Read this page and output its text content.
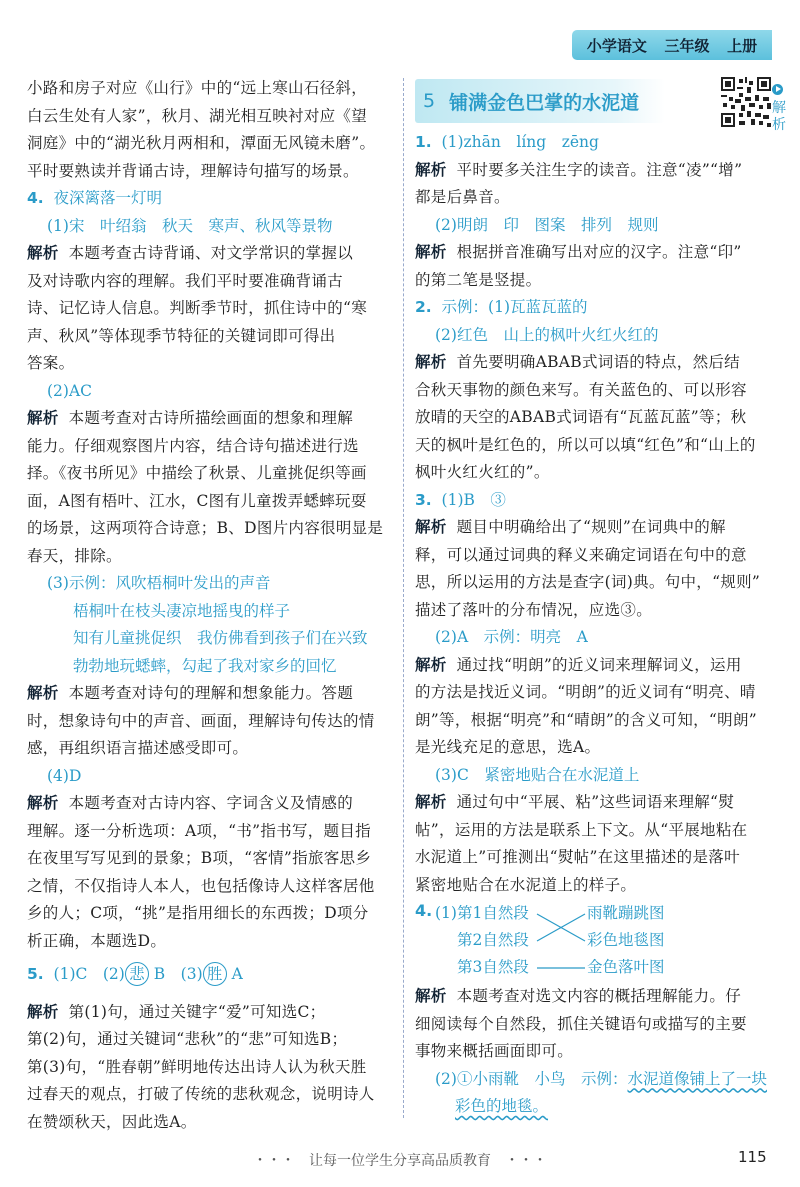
小学语文 三年级 上册
小路和房子对应《山行》中的“远上寒山石径斜，
白云生处有人家”，秋月、湖光相互映衬对应《望
洞庭》中的“湖光秋月两相和，潭面无风镜未磨”。
平时要熟读并背诵古诗，理解诗句描写的场景。
4. 夜深篱落一灯明
(1)宋　叶绍翁　秋天　寒声、秋风等景物
解析 本题考查古诗背诵、对文学常识的掌握以
及对诗歌内容的理解。我们平时要准确背诵古
诗、记忆诗人信息。判断季节时，抓住诗中的“寒
声、秋风”等体现季节特征的关键词即可得出
答案。
(2)AC
解析 本题考查对古诗所描绘画面的想象和理解
能力。仔细观察图片内容，结合诗句描述进行选
择。《夜书所见》中描绘了秋景、儿童挑促织等画
面，A图有梧叶、江水，C图有儿童拨弄蟋蟀玩耍
的场景，这两项符合诗意；B、D图片内容很明显是
春天，排除。
(3)示例：风吹梧桐叶发出的声音
梧桐叶在枝头凄凉地摇曳的样子
知有儿童挑促织　我仿佛看到孩子们在兴致
勃勃地玩蟋蟀，勾起了我对家乡的回忆
解析 本题考查对诗句的理解和想象能力。答题
时，想象诗句中的声音、画面，理解诗句传达的情
感，再组织语言描述感受即可。
(4)D
解析 本题考查对古诗内容、字词含义及情感的
理解。逐一分析选项：A项，“书”指书写，题目指
在夜里写写见到的景象；B项，“客情”指旅客思乡
之情，不仅指诗人本人，也包括像诗人这样客居他
乡的人；C项，“挑”是指用细长的东西拨；D项分
析正确，本题选D。
5. (1)C　(2) 悲 B　(3) 胜 A
解析 第(1)句，通过关键字“爱”可知选C；
第(2)句，通过关键词“悲秋”的“悲”可知选B；
第(3)句，“胜春朝”鲜明地传达出诗人认为秋天胜
过春天的观点，打破了传统的悲秋观念，说明诗人
在赞颂秋天，因此选A。
5 铺满金色巴掌的水泥道	解析
1. (1)zhān　líng　zēng
解析 平时要多关注生字的读音。注意“凌”“增”
都是后鼻音。
(2)明朗　印　图案　排列　规则
解析 根据拼音准确写出对应的汉字。注意“印”
的第二笔是竖提。
2. 示例：(1)瓦蓝瓦蓝的
(2)红色　山上的枫叶火红火红的
解析 首先要明确ABAB式词语的特点，然后结
合秋天事物的颜色来写。有关蓝色的、可以形容
放晴的天空的ABAB式词语有“瓦蓝瓦蓝”等；秋
天的枫叶是红色的，所以可以填“红色”和“山上的
枫叶火红火红的”。
3. (1)B　③
解析 题目中明确给出了“规则”在词典中的解
释，可以通过词典的释义来确定词语在句中的意
思，所以运用的方法是查字(词)典。句中，“规则”
描述了落叶的分布情况，应选③。
(2)A　示例：明亮　A
解析 通过找“明朗”的近义词来理解词义，运用
的方法是找近义词。“明朗”的近义词有“明亮、晴
朗”等，根据“明亮”和“晴朗”的含义可知，“明朗”
是光线充足的意思，选A。
(3)C　紧密地贴合在水泥道上
解析 通过句中“平展、粘”这些词语来理解“熨
帖”，运用的方法是联系上下文。从“平展地粘在
水泥道上”可推测出“熨帖”在这里描述的是落叶
紧密地贴合在水泥道上的样子。
4. (1)第1自然段
第2自然段
第3自然段
雨靴蹦跳图
彩色地毯图
金色落叶图
解析 本题考查对选文内容的概括理解能力。仔
细阅读每个自然段，抓住关键语句或描写的主要
事物来概括画面即可。
(2)①小雨靴　小鸟　示例：水泥道像铺上了一块
彩色的地毯。
・・・　让每一位学生分享高品质教育　・・・	115
